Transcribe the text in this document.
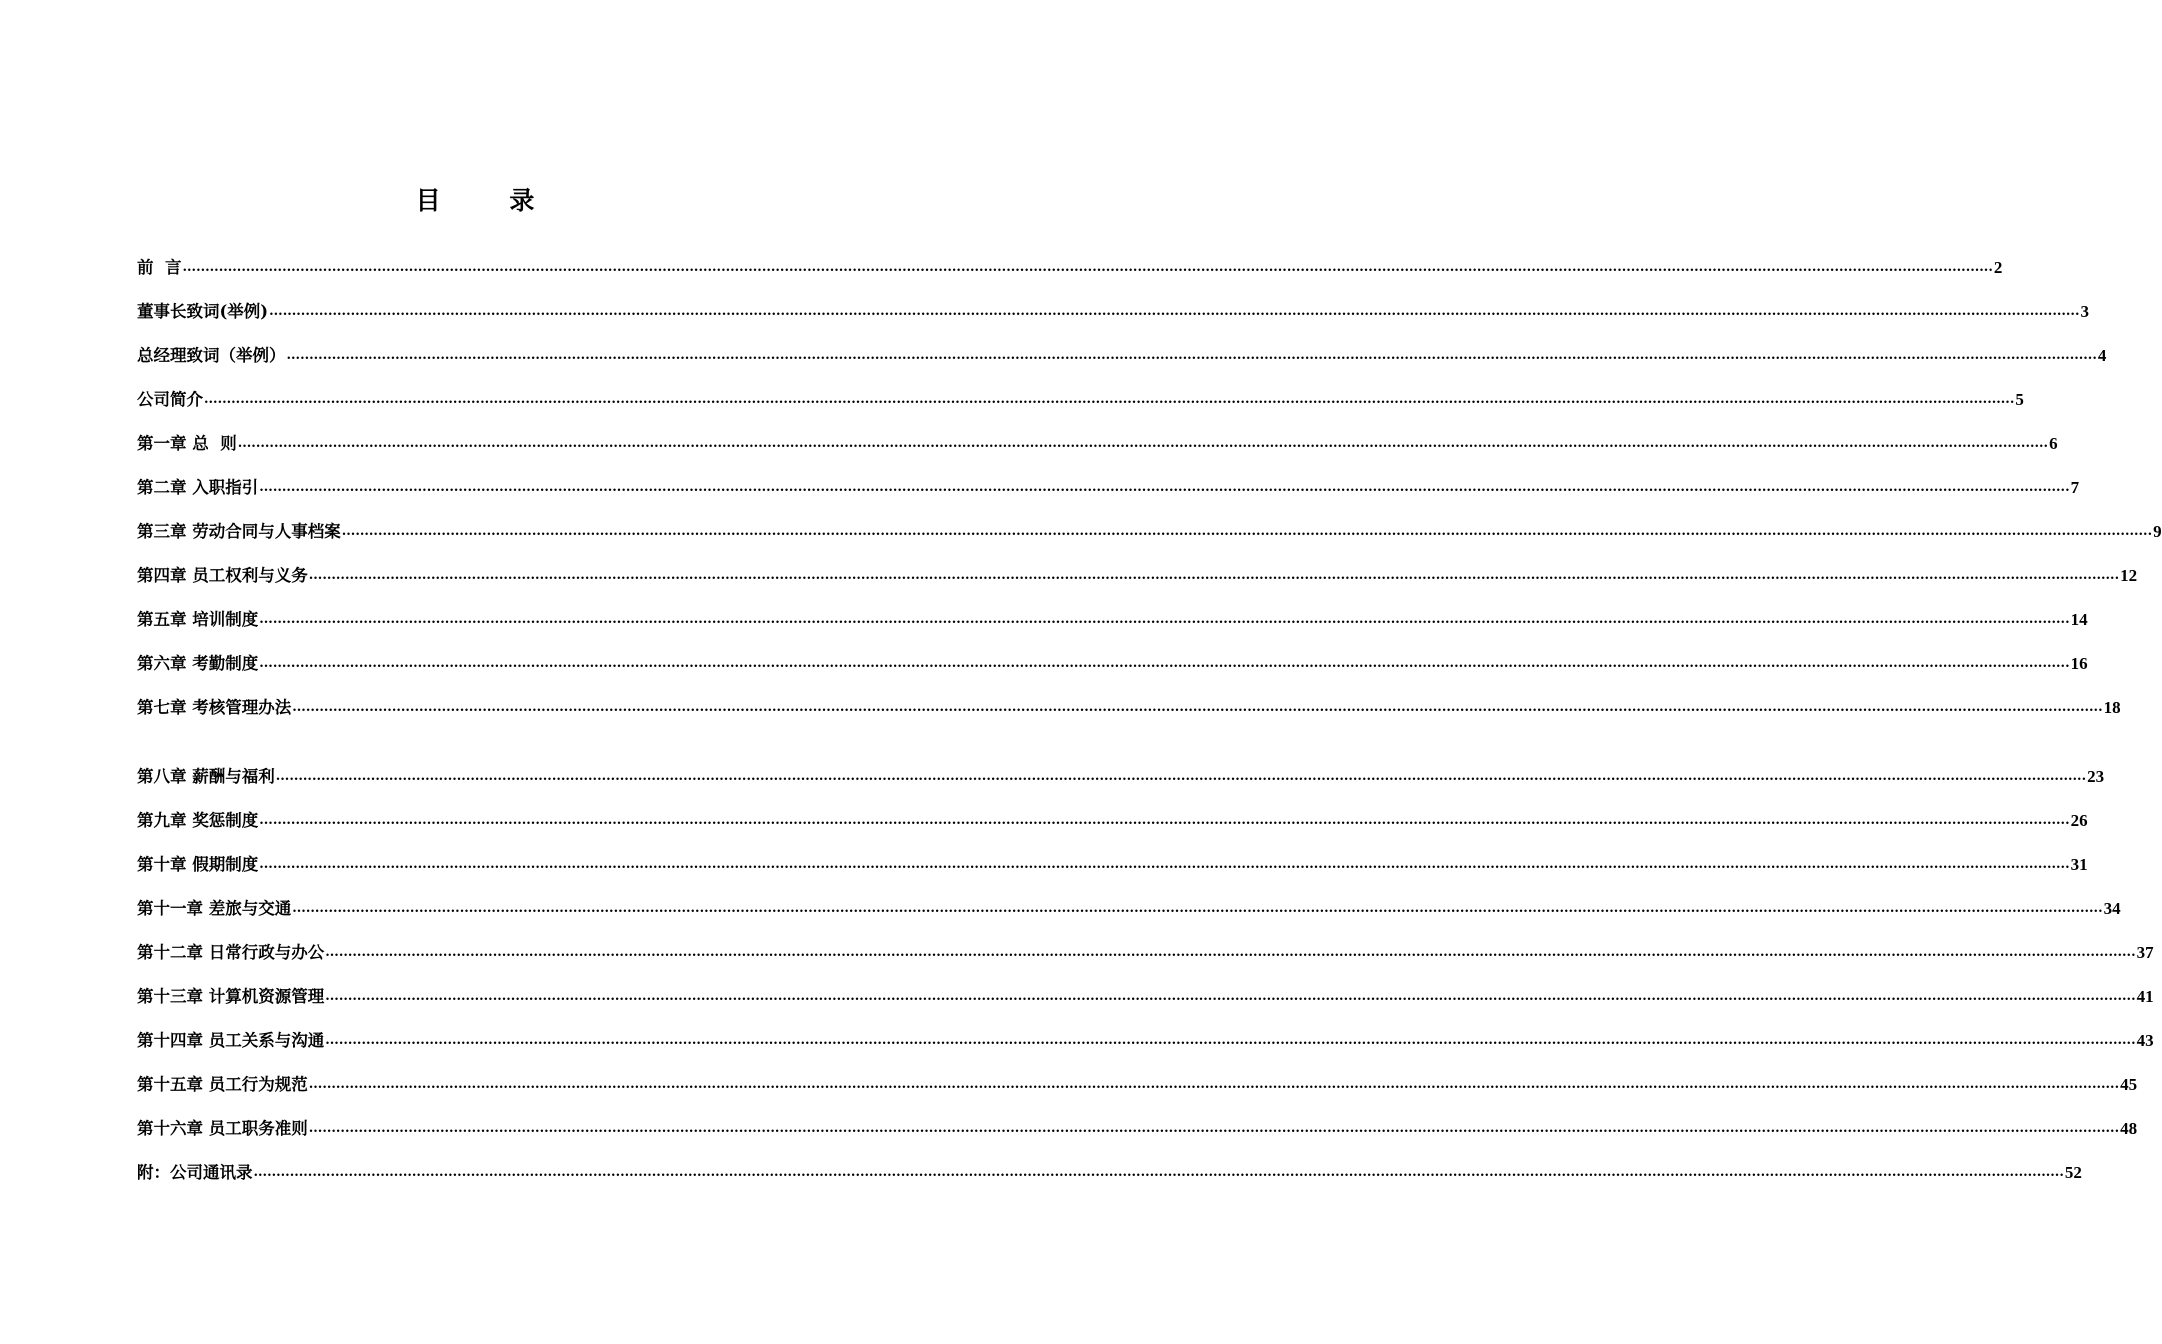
目 录
前  言 ................................................................................................................................................................................................................................................................................................................................................................................................................ 2
董事长致词(举例) ................................................................................................................................................................................................................................................................................................................................................................................................................ 3
总经理致词（举例） ................................................................................................................................................................................................................................................................................................................................................................................................................ 4
公司简介 ................................................................................................................................................................................................................................................................................................................................................................................................................ 5
第一章 总  则 ................................................................................................................................................................................................................................................................................................................................................................................................................ 6
第二章 入职指引 ................................................................................................................................................................................................................................................................................................................................................................................................................ 7
第三章 劳动合同与人事档案 ................................................................................................................................................................................................................................................................................................................................................................................................................ 9
第四章 员工权利与义务 ................................................................................................................................................................................................................................................................................................................................................................................................................ 12
第五章 培训制度 ................................................................................................................................................................................................................................................................................................................................................................................................................ 14
第六章 考勤制度 ................................................................................................................................................................................................................................................................................................................................................................................................................ 16
第七章 考核管理办法 ................................................................................................................................................................................................................................................................................................................................................................................................................ 18
第八章 薪酬与福利 ................................................................................................................................................................................................................................................................................................................................................................................................................ 23
第九章 奖惩制度 ................................................................................................................................................................................................................................................................................................................................................................................................................ 26
第十章 假期制度 ................................................................................................................................................................................................................................................................................................................................................................................................................ 31
第十一章 差旅与交通 ................................................................................................................................................................................................................................................................................................................................................................................................................ 34
第十二章 日常行政与办公 ................................................................................................................................................................................................................................................................................................................................................................................................................ 37
第十三章 计算机资源管理 ................................................................................................................................................................................................................................................................................................................................................................................................................ 41
第十四章 员工关系与沟通 ................................................................................................................................................................................................................................................................................................................................................................................................................ 43
第十五章 员工行为规范 ................................................................................................................................................................................................................................................................................................................................................................................................................ 45
第十六章 员工职务准则 ................................................................................................................................................................................................................................................................................................................................................................................................................ 48
附：公司通讯录 ................................................................................................................................................................................................................................................................................................................................................................................................................ 52
